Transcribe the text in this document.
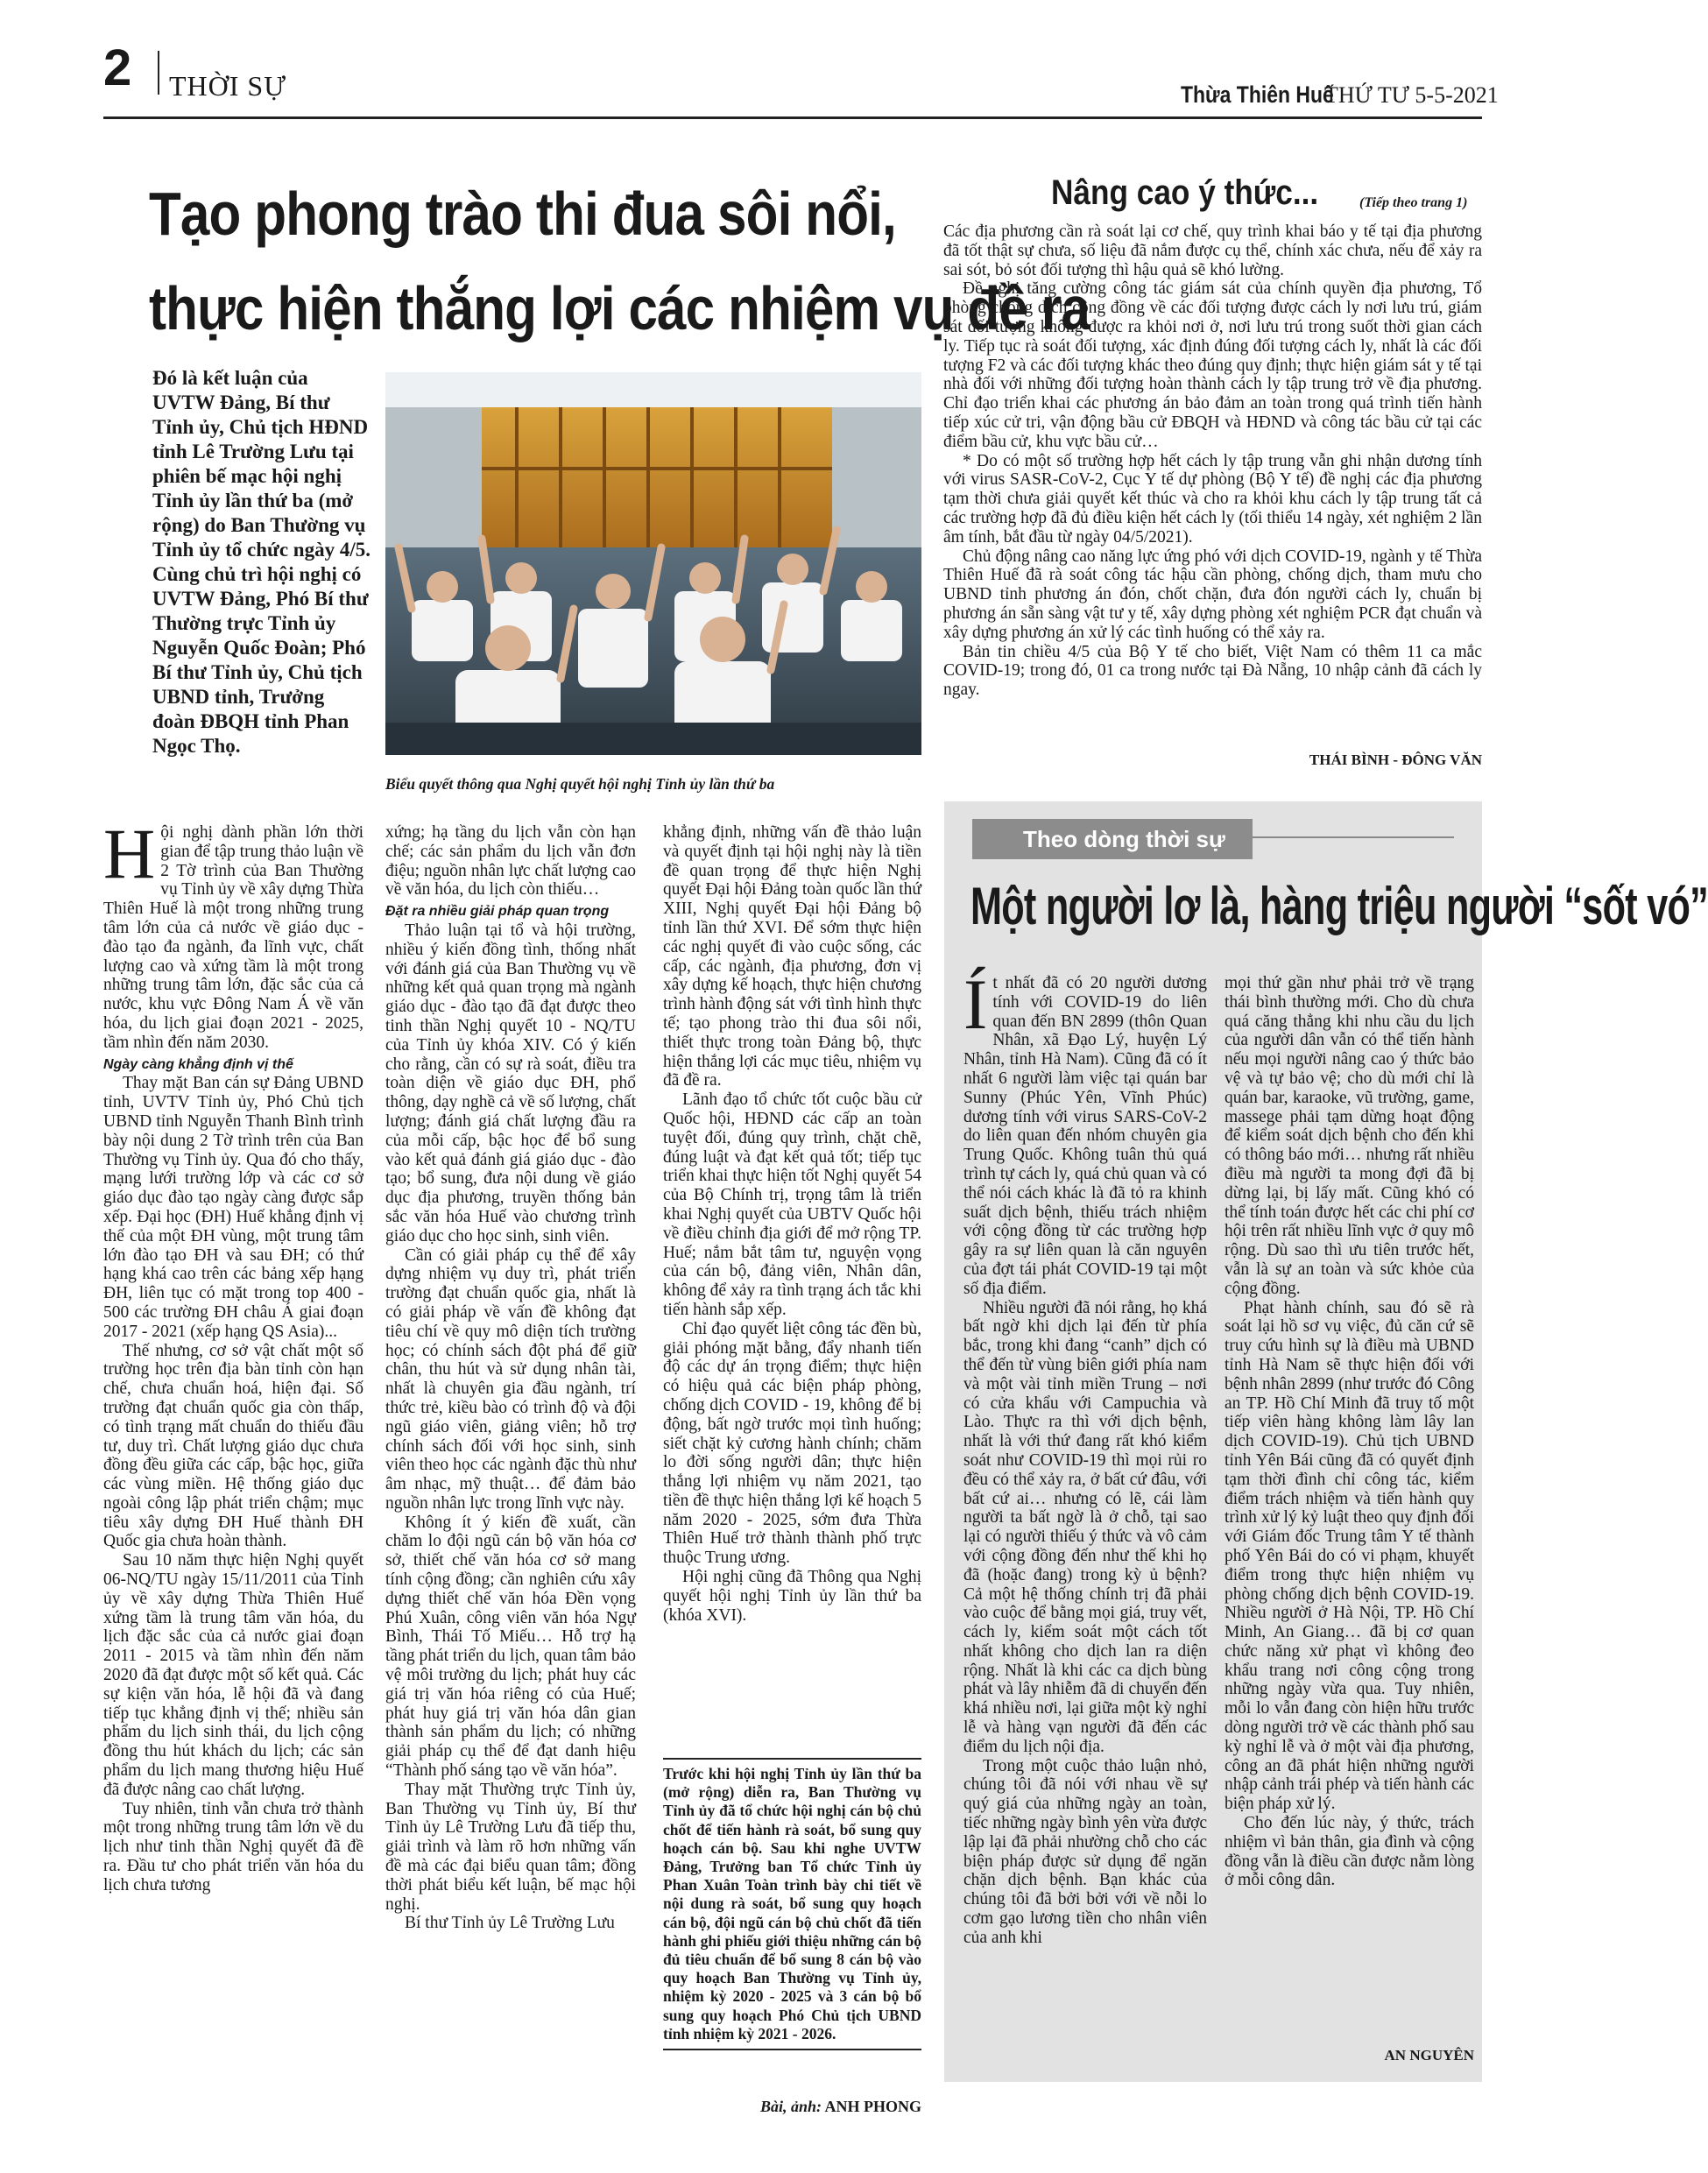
2 THỜI SỰ	Thừa Thiên Huế
THỨ TƯ 5-5-2021
Tạo phong trào thi đua sôi nổi,
thực hiện thắng lợi các nhiệm vụ đề ra
Đó là kết luận của UVTW Đảng, Bí thư Tỉnh ủy, Chủ tịch HĐND tỉnh Lê Trường Lưu tại phiên bế mạc hội nghị Tỉnh ủy lần thứ ba (mở rộng) do Ban Thường vụ Tỉnh ủy tổ chức ngày 4/5. Cùng chủ trì hội nghị có UVTW Đảng, Phó Bí thư Thường trực Tỉnh ủy Nguyễn Quốc Đoàn; Phó Bí thư Tỉnh ủy, Chủ tịch UBND tỉnh, Trưởng đoàn ĐBQH tỉnh Phan Ngọc Thọ.
Biểu quyết thông qua Nghị quyết hội nghị Tỉnh ủy lần thứ ba

Hội nghị dành phần lớn thời gian để tập trung thảo luận về 2 Tờ trình của Ban Thường vụ Tỉnh ủy về xây dựng Thừa Thiên Huế là một trong những trung tâm lớn của cả nước về giáo dục - đào tạo đa ngành, đa lĩnh vực, chất lượng cao và xứng tầm là một trong những trung tâm lớn, đặc sắc của cả nước, khu vực Đông Nam Á về văn hóa, du lịch giai đoạn 2021 - 2025, tầm nhìn đến năm 2030.

Ngày càng khẳng định vị thế

Thay mặt Ban cán sự Đảng UBND tỉnh, UVTV Tỉnh ủy, Phó Chủ tịch UBND tỉnh Nguyễn Thanh Bình trình bày nội dung 2 Tờ trình trên của Ban Thường vụ Tỉnh ủy. Qua đó cho thấy, mạng lưới trường lớp và các cơ sở giáo dục đào tạo ngày càng được sắp xếp. Đại học (ĐH) Huế khẳng định vị thế của một ĐH vùng, một trung tâm lớn đào tạo ĐH và sau ĐH; có thứ hạng khá cao trên các bảng xếp hạng ĐH, liên tục có mặt trong top 400 - 500 các trường ĐH châu Á giai đoạn 2017 - 2021 (xếp hạng QS Asia)...

Thế nhưng, cơ sở vật chất một số trường học trên địa bàn tỉnh còn hạn chế, chưa chuẩn hoá, hiện đại. Số trường đạt chuẩn quốc gia còn thấp, có tình trạng mất chuẩn do thiếu đầu tư, duy trì. Chất lượng giáo dục chưa đồng đều giữa các cấp, bậc học, giữa các vùng miền. Hệ thống giáo dục ngoài công lập phát triển chậm; mục tiêu xây dựng ĐH Huế thành ĐH Quốc gia chưa hoàn thành.

Sau 10 năm thực hiện Nghị quyết 06-NQ/TU ngày 15/11/2011 của Tỉnh ủy về xây dựng Thừa Thiên Huế xứng tầm là trung tâm văn hóa, du lịch đặc sắc của cả nước giai đoạn 2011 - 2015 và tầm nhìn đến năm 2020 đã đạt được một số kết quả. Các sự kiện văn hóa, lễ hội đã và đang tiếp tục khẳng định vị thế; nhiều sản phẩm du lịch sinh thái, du lịch cộng đồng thu hút khách du lịch; các sản phẩm du lịch mang thương hiệu Huế đã được nâng cao chất lượng.

Tuy nhiên, tỉnh vẫn chưa trở thành một trong những trung tâm lớn về du lịch như tinh thần Nghị quyết đã đề ra. Đầu tư cho phát triển văn hóa du lịch chưa tương

xứng; hạ tầng du lịch vẫn còn hạn chế; các sản phẩm du lịch vẫn đơn điệu; nguồn nhân lực chất lượng cao về văn hóa, du lịch còn thiếu…

Đặt ra nhiều giải pháp quan trọng

Thảo luận tại tổ và hội trường, nhiều ý kiến đồng tình, thống nhất với đánh giá của Ban Thường vụ về những kết quả quan trọng mà ngành giáo dục - đào tạo đã đạt được theo tinh thần Nghị quyết 10 - NQ/TU của Tỉnh ủy khóa XIV. Có ý kiến cho rằng, cần có sự rà soát, điều tra toàn diện về giáo dục ĐH, phổ thông, dạy nghề cả về số lượng, chất lượng; đánh giá chất lượng đầu ra của mỗi cấp, bậc học để bổ sung vào kết quả đánh giá giáo dục - đào tạo; bổ sung, đưa nội dung về giáo dục địa phương, truyền thống bản sắc văn hóa Huế vào chương trình giáo dục cho học sinh, sinh viên.

Cần có giải pháp cụ thể để xây dựng nhiệm vụ duy trì, phát triển trường đạt chuẩn quốc gia, nhất là có giải pháp về vấn đề không đạt tiêu chí về quy mô diện tích trường học; có chính sách đột phá để giữ chân, thu hút và sử dụng nhân tài, nhất là chuyên gia đầu ngành, trí thức trẻ, kiều bào có trình độ và đội ngũ giáo viên, giảng viên; hỗ trợ chính sách đối với học sinh, sinh viên theo học các ngành đặc thù như âm nhạc, mỹ thuật… để đảm bảo nguồn nhân lực trong lĩnh vực này.

Không ít ý kiến đề xuất, cần chăm lo đội ngũ cán bộ văn hóa cơ sở, thiết chế văn hóa cơ sở mang tính cộng đồng; cần nghiên cứu xây dựng thiết chế văn hóa Đền vọng Phú Xuân, công viên văn hóa Ngự Bình, Thái Tố Miếu… Hỗ trợ hạ tầng phát triển du lịch, quan tâm bảo vệ môi trường du lịch; phát huy các giá trị văn hóa riêng có của Huế; phát huy giá trị văn hóa dân gian thành sản phẩm du lịch; có những giải pháp cụ thể để đạt danh hiệu “Thành phố sáng tạo về văn hóa”.

Thay mặt Thường trực Tỉnh ủy, Ban Thường vụ Tỉnh ủy, Bí thư Tỉnh ủy Lê Trường Lưu đã tiếp thu, giải trình và làm rõ hơn những vấn đề mà các đại biểu quan tâm; đồng thời phát biểu kết luận, bế mạc hội nghị.

Bí thư Tỉnh ủy Lê Trường Lưu

khẳng định, những vấn đề thảo luận và quyết định tại hội nghị này là tiền đề quan trọng để thực hiện Nghị quyết Đại hội Đảng toàn quốc lần thứ XIII, Nghị quyết Đại hội Đảng bộ tỉnh lần thứ XVI. Để sớm thực hiện các nghị quyết đi vào cuộc sống, các cấp, các ngành, địa phương, đơn vị xây dựng kế hoạch, thực hiện chương trình hành động sát với tình hình thực tế; tạo phong trào thi đua sôi nổi, thiết thực trong toàn Đảng bộ, thực hiện thắng lợi các mục tiêu, nhiệm vụ đã đề ra.

Lãnh đạo tổ chức tốt cuộc bầu cử Quốc hội, HĐND các cấp an toàn tuyệt đối, đúng quy trình, chặt chẽ, đúng luật và đạt kết quả tốt; tiếp tục triển khai thực hiện tốt Nghị quyết 54 của Bộ Chính trị, trọng tâm là triển khai Nghị quyết của UBTV Quốc hội về điều chỉnh địa giới để mở rộng TP. Huế; nắm bắt tâm tư, nguyện vọng của cán bộ, đảng viên, Nhân dân, không để xảy ra tình trạng ách tắc khi tiến hành sắp xếp.

Chỉ đạo quyết liệt công tác đền bù, giải phóng mặt bằng, đẩy nhanh tiến độ các dự án trọng điểm; thực hiện có hiệu quả các biện pháp phòng, chống dịch COVID - 19, không để bị động, bất ngờ trước mọi tình huống; siết chặt kỷ cương hành chính; chăm lo đời sống người dân; thực hiện thắng lợi nhiệm vụ năm 2021, tạo tiền đề thực hiện thắng lợi kế hoạch 5 năm 2020 - 2025, sớm đưa Thừa Thiên Huế trở thành thành phố trực thuộc Trung ương.

Hội nghị cũng đã Thông qua Nghị quyết hội nghị Tỉnh ủy lần thứ ba (khóa XVI).

Trước khi hội nghị Tỉnh ủy lần thứ ba (mở rộng) diễn ra, Ban Thường vụ Tỉnh ủy đã tổ chức hội nghị cán bộ chủ chốt để tiến hành rà soát, bổ sung quy hoạch cán bộ. Sau khi nghe UVTW Đảng, Trưởng ban Tổ chức Tỉnh ủy Phan Xuân Toàn trình bày chi tiết về nội dung rà soát, bổ sung quy hoạch cán bộ, đội ngũ cán bộ chủ chốt đã tiến hành ghi phiếu giới thiệu những cán bộ đủ tiêu chuẩn để bổ sung 8 cán bộ vào quy hoạch Ban Thường vụ Tỉnh ủy, nhiệm kỳ 2020 - 2025 và 3 cán bộ bổ sung quy hoạch Phó Chủ tịch UBND tỉnh nhiệm kỳ 2021 - 2026.
Bài, ảnh: ANH PHONG
Nâng cao ý thức...	(Tiếp theo trang 1)

Các địa phương cần rà soát lại cơ chế, quy trình khai báo y tế tại địa phương đã tốt thật sự chưa, số liệu đã nắm được cụ thể, chính xác chưa, nếu để xảy ra sai sót, bỏ sót đối tượng thì hậu quả sẽ khó lường.

Đề nghị tăng cường công tác giám sát của chính quyền địa phương, Tổ phòng chống dịch cộng đồng về các đối tượng được cách ly nơi lưu trú, giám sát đối tượng không được ra khỏi nơi ở, nơi lưu trú trong suốt thời gian cách ly. Tiếp tục rà soát đối tượng, xác định đúng đối tượng cách ly, nhất là các đối tượng F2 và các đối tượng khác theo đúng quy định; thực hiện giám sát y tế tại nhà đối với những đối tượng hoàn thành cách ly tập trung trở về địa phương. Chỉ đạo triển khai các phương án bảo đảm an toàn trong quá trình tiến hành tiếp xúc cử tri, vận động bầu cử ĐBQH và HĐND và công tác bầu cử tại các điểm bầu cử, khu vực bầu cử…

* Do có một số trường hợp hết cách ly tập trung vẫn ghi nhận dương tính với virus SASR-CoV-2, Cục Y tế dự phòng (Bộ Y tế) đề nghị các địa phương tạm thời chưa giải quyết kết thúc và cho ra khỏi khu cách ly tập trung tất cả các trường hợp đã đủ điều kiện hết cách ly (tối thiểu 14 ngày, xét nghiệm 2 lần âm tính, bắt đầu từ ngày 04/5/2021).

Chủ động nâng cao năng lực ứng phó với dịch COVID-19, ngành y tế Thừa Thiên Huế đã rà soát công tác hậu cần phòng, chống dịch, tham mưu cho UBND tỉnh phương án đón, chốt chặn, đưa đón người cách ly, chuẩn bị phương án sẵn sàng vật tư y tế, xây dựng phòng xét nghiệm PCR đạt chuẩn và xây dựng phương án xử lý các tình huống có thể xảy ra.

Bản tin chiều 4/5 của Bộ Y tế cho biết, Việt Nam có thêm 11 ca mắc COVID-19; trong đó, 01 ca trong nước tại Đà Nẵng, 10 nhập cảnh đã cách ly ngay.

THÁI BÌNH - ĐÔNG VĂN
Theo dòng thời sự
Một người lơ là, hàng triệu người “sốt vó”

Ít nhất đã có 20 người dương tính với COVID-19 do liên quan đến BN 2899 (thôn Quan Nhân, xã Đạo Lý, huyện Lý Nhân, tỉnh Hà Nam). Cũng đã có ít nhất 6 người làm việc tại quán bar Sunny (Phúc Yên, Vĩnh Phúc) dương tính với virus SARS-CoV-2 do liên quan đến nhóm chuyên gia Trung Quốc. Không tuân thủ quá trình tự cách ly, quá chủ quan và có thể nói cách khác là đã tỏ ra khinh suất dịch bệnh, thiếu trách nhiệm với cộng đồng từ các trường hợp gây ra sự liên quan là căn nguyên của đợt tái phát COVID-19 tại một số địa điểm.

Nhiều người đã nói rằng, họ khá bất ngờ khi dịch lại đến từ phía bắc, trong khi đang “canh” dịch có thể đến từ vùng biên giới phía nam và một vài tỉnh miền Trung – nơi có cửa khẩu với Campuchia và Lào. Thực ra thì với dịch bệnh, nhất là với thứ đang rất khó kiểm soát như COVID-19 thì mọi rủi ro đều có thể xảy ra, ở bất cứ đâu, với bất cứ ai… nhưng có lẽ, cái làm người ta bất ngờ là ở chỗ, tại sao lại có người thiếu ý thức và vô cảm với cộng đồng đến như thế khi họ đã (hoặc đang) trong kỳ ủ bệnh? Cả một hệ thống chính trị đã phải vào cuộc để bằng mọi giá, truy vết, cách ly, kiểm soát một cách tốt nhất không cho dịch lan ra diện rộng. Nhất là khi các ca dịch bùng phát và lây nhiễm đã di chuyển đến khá nhiều nơi, lại giữa một kỳ nghỉ lễ và hàng vạn người đã đến các điểm du lịch nội địa.

Trong một cuộc thảo luận nhỏ, chúng tôi đã nói với nhau về sự quý giá của những ngày an toàn, tiếc những ngày bình yên vừa được lập lại đã phải nhường chỗ cho các biện pháp được sử dụng để ngăn chặn dịch bệnh. Bạn khác của chúng tôi đã bởi bởi với về nỗi lo cơm gạo lương tiền cho nhân viên của anh khi

mọi thứ gần như phải trở về trạng thái bình thường mới. Cho dù chưa quá căng thẳng khi nhu cầu du lịch của người dân vẫn có thể tiến hành nếu mọi người nâng cao ý thức bảo vệ và tự bảo vệ; cho dù mới chỉ là quán bar, karaoke, vũ trường, game, massege phải tạm dừng hoạt động để kiểm soát dịch bệnh cho đến khi có thông báo mới… nhưng rất nhiều điều mà người ta mong đợi đã bị dừng lại, bị lấy mất. Cũng khó có thể tính toán được hết các chi phí cơ hội trên rất nhiều lĩnh vực ở quy mô rộng. Dù sao thì ưu tiên trước hết, vẫn là sự an toàn và sức khỏe của cộng đồng.

Phạt hành chính, sau đó sẽ rà soát lại hồ sơ vụ việc, đủ căn cứ sẽ truy cứu hình sự là điều mà UBND tỉnh Hà Nam sẽ thực hiện đối với bệnh nhân 2899 (như trước đó Công an TP. Hồ Chí Minh đã truy tố một tiếp viên hàng không làm lây lan dịch COVID-19). Chủ tịch UBND tỉnh Yên Bái cũng đã có quyết định tạm thời đình chỉ công tác, kiểm điểm trách nhiệm và tiến hành quy trình xử lý kỷ luật theo quy định đối với Giám đốc Trung tâm Y tế thành phố Yên Bái do có vi phạm, khuyết điểm trong thực hiện nhiệm vụ phòng chống dịch bệnh COVID-19. Nhiều người ở Hà Nội, TP. Hồ Chí Minh, An Giang… đã bị cơ quan chức năng xử phạt vì không đeo khẩu trang nơi công cộng trong những ngày vừa qua. Tuy nhiên, mỗi lo vẫn đang còn hiện hữu trước dòng người trở về các thành phố sau kỳ nghỉ lễ và ở một vài địa phương, công an đã phát hiện những người nhập cảnh trái phép và tiến hành các biện pháp xử lý.

Cho đến lúc này, ý thức, trách nhiệm vì bản thân, gia đình và cộng đồng vẫn là điều cần được nằm lòng ở mỗi công dân.

AN NGUYÊN
